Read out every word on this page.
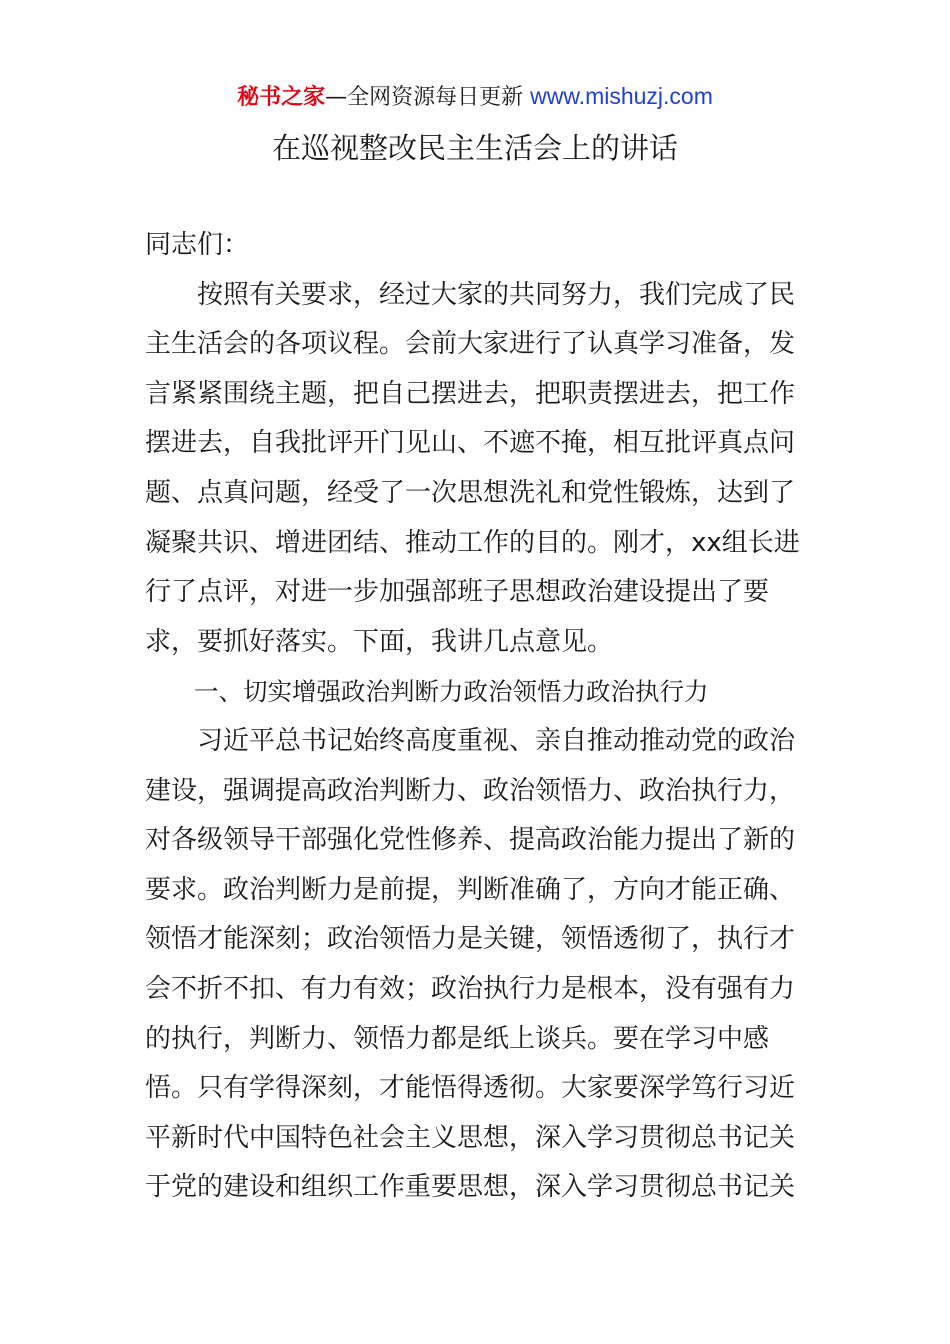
秘书之家—全网资源每日更新 www.mishuzj.com
在巡视整改民主生活会上的讲话
同志们：
　　按照有关要求，经过大家的共同努力，我们完成了民
主生活会的各项议程。会前大家进行了认真学习准备，发
言紧紧围绕主题，把自己摆进去，把职责摆进去，把工作
摆进去，自我批评开门见山、不遮不掩，相互批评真点问
题、点真问题，经受了一次思想洗礼和党性锻炼，达到了
凝聚共识、增进团结、推动工作的目的。刚才，xx组长进
行了点评，对进一步加强部班子思想政治建设提出了要
求，要抓好落实。下面，我讲几点意见。
　　一、切实增强政治判断力政治领悟力政治执行力
　　习近平总书记始终高度重视、亲自推动推动党的政治
建设，强调提高政治判断力、政治领悟力、政治执行力，
对各级领导干部强化党性修养、提高政治能力提出了新的
要求。政治判断力是前提，判断准确了，方向才能正确、
领悟才能深刻；政治领悟力是关键，领悟透彻了，执行才
会不折不扣、有力有效；政治执行力是根本，没有强有力
的执行，判断力、领悟力都是纸上谈兵。要在学习中感
悟。只有学得深刻，才能悟得透彻。大家要深学笃行习近
平新时代中国特色社会主义思想，深入学习贯彻总书记关
于党的建设和组织工作重要思想，深入学习贯彻总书记关
